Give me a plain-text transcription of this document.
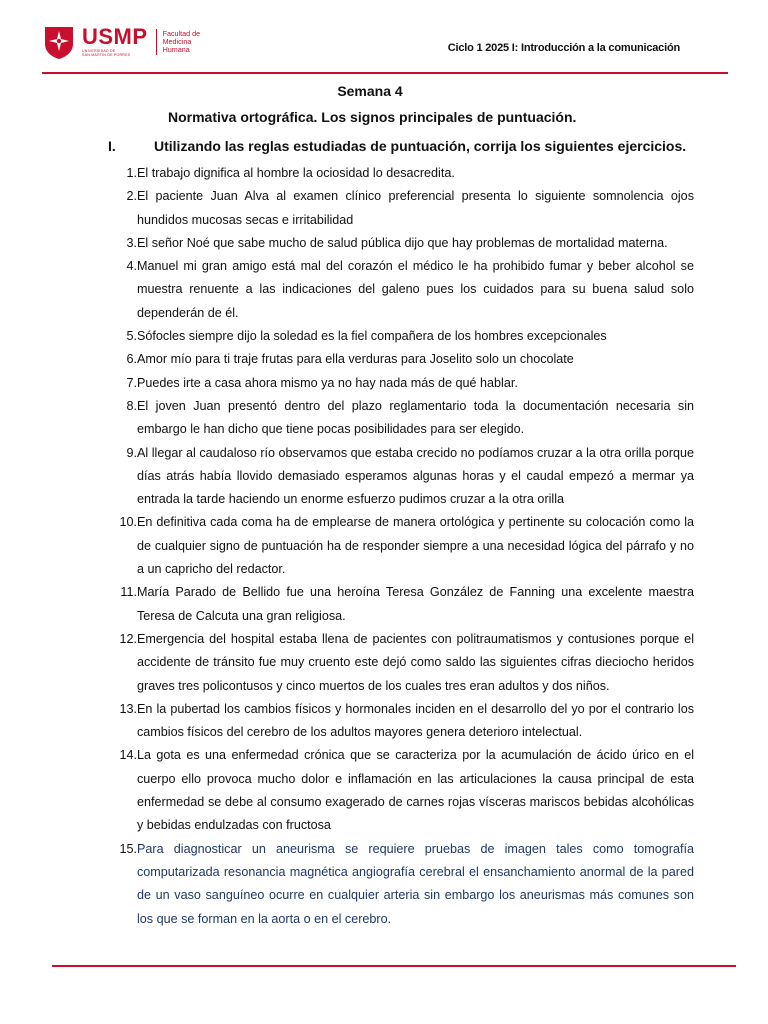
USMP
UNIVERSIDAD DE
SAN MARTÍN DE PORRES
Facultad de
Medicina
Humana	Ciclo 1 2025 I: Introducción a la comunicación
Semana 4
Normativa ortográfica. Los signos principales de puntuación.
I.	Utilizando las reglas estudiadas de puntuación, corrija los siguientes ejercicios.
1. El trabajo dignifica al hombre la ociosidad lo desacredita.
2. El paciente Juan Alva al examen clínico preferencial presenta lo siguiente somnolencia ojos hundidos mucosas secas e irritabilidad
3. El señor Noé que sabe mucho de salud pública dijo que hay problemas de mortalidad materna.
4. Manuel mi gran amigo está mal del corazón el médico le ha prohibido fumar y beber alcohol se muestra renuente a las indicaciones del galeno pues los cuidados para su buena salud solo dependerán de él.
5. Sófocles siempre dijo la soledad es la fiel compañera de los hombres excepcionales
6. Amor mío para ti traje frutas para ella verduras para Joselito solo un chocolate
7. Puedes irte a casa ahora mismo ya no hay nada más de qué hablar.
8. El joven Juan presentó dentro del plazo reglamentario toda la documentación necesaria sin embargo le han dicho que tiene pocas posibilidades para ser elegido.
9. Al llegar al caudaloso río observamos que estaba crecido no podíamos cruzar a la otra orilla porque días atrás había llovido demasiado esperamos algunas horas y el caudal empezó a mermar ya entrada la tarde haciendo un enorme esfuerzo pudimos cruzar a la otra orilla
10. En definitiva cada coma ha de emplearse de manera ortológica y pertinente su colocación como la de cualquier signo de puntuación ha de responder siempre a una necesidad lógica del párrafo y no a un capricho del redactor.
11. María Parado de Bellido fue una heroína Teresa González de Fanning una excelente maestra Teresa de Calcuta una gran religiosa.
12. Emergencia del hospital estaba llena de pacientes con politraumatismos y contusiones porque el accidente de tránsito fue muy cruento este dejó como saldo las siguientes cifras dieciocho heridos graves tres policontusos y cinco muertos de los cuales tres eran adultos y dos niños.
13. En la pubertad los cambios físicos y hormonales inciden en el desarrollo del yo por el contrario los cambios físicos del cerebro de los adultos mayores genera deterioro intelectual.
14. La gota es una enfermedad crónica que se caracteriza por la acumulación de ácido úrico en el cuerpo ello provoca mucho dolor e inflamación en las articulaciones la causa principal de esta enfermedad se debe al consumo exagerado de carnes rojas vísceras mariscos bebidas alcohólicas y bebidas endulzadas con fructosa
15. Para diagnosticar un aneurisma se requiere pruebas de imagen tales como tomografía computarizada resonancia magnética angiografía cerebral el ensanchamiento anormal de la pared de un vaso sanguíneo ocurre en cualquier arteria sin embargo los aneurismas más comunes son los que se forman en la aorta o en el cerebro.
